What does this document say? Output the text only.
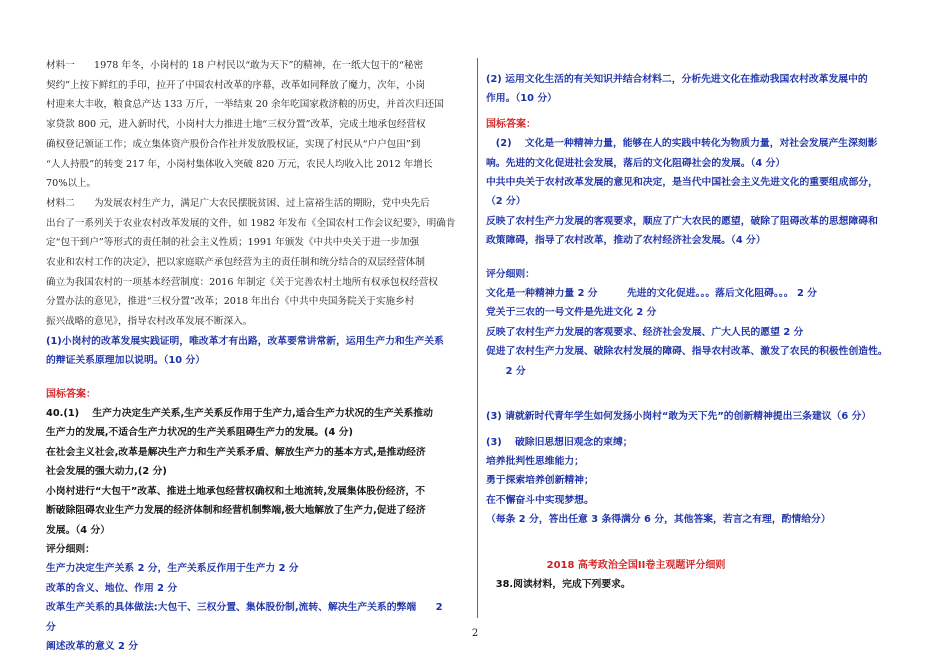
材料一　　1978 年冬，小岗村的 18 户村民以“敢为天下”的精神，在一纸大包干的“秘密

契约”上按下鲜红的手印，拉开了中国农村改革的序幕，改革如同释放了魔力，次年，小岗

村迎来大丰收，粮食总产达 133 万斤，一举结束 20 余年吃国家救济粮的历史，并首次归还国

家贷款 800 元，进入新时代，小岗村大力推进土地“三权分置”改革，完成土地承包经营权

确权登记颁证工作；成立集体资产股份合作社并发放股权证，实现了村民从“户户包田”到

“人人持股”的转变 217 年，小岗村集体收入突破 820 万元，农民人均收入比 2012 年增长

70%以上。

材料二　　为发展农村生产力，满足广大农民摆脱贫困、过上富裕生活的期盼，党中央先后

出台了一系列关于农业农村改革发展的文件，如 1982 年发布《全国农村工作会议纪要》，明确肯

定“包干到户”等形式的责任制的社会主义性质；1991 年颁发《中共中央关于进一步加强

农业和农村工作的决定》，把以家庭联产承包经营为主的责任制和统分结合的双层经营体制

确立为我国农村的一项基本经营制度：2016 年制定《关于完善农村土地所有权承包权经营权

分置办法的意见》，推进“三权分置”改革；2018 年出台《中共中央国务院关于实施乡村

振兴战略的意见》，指导农村改革发展不断深入。

(1)小岗村的改革发展实践证明，唯改革才有出路，改革要常讲常新，运用生产力和生产关系

的辩证关系原理加以说明。（10 分）

国标答案：

40.(1)　 生产力决定生产关系,生产关系反作用于生产力,适合生产力状况的生产关系推动

生产力的发展,不适合生产力状况的生产关系阻碍生产力的发展。(4 分)

在社会主义社会,改革是解决生产力和生产关系矛盾、解放生产力的基本方式,是推动经济

社会发展的强大动力,(2 分)

小岗村进行“大包干”改革、推进土地承包经营权确权和土地流转,发展集体股份经济，不

断破除阻碍农业生产力发展的经济体制和经营机制弊端,极大地解放了生产力,促进了经济

发展。（4 分）

评分细则：

生产力决定生产关系 2 分，生产关系反作用于生产力 2 分

改革的含义、地位、作用 2 分

改革生产关系的具体做法:大包干、三权分置、集体股份制,流转、解决生产关系的弊端　　2

分

阐述改革的意义 2 分

(2) 运用文化生活的有关知识并结合材料二，分析先进文化在推动我国农村改革发展中的

作用。（10 分）

国标答案：

　(2)　 文化是一种精神力量，能够在人的实践中转化为物质力量，对社会发展产生深刻影

响。先进的文化促进社会发展，落后的文化阻碍社会的发展。（4 分）

中共中央关于农村改革发展的意见和决定，是当代中国社会主义先进文化的重要组成部分，

（2 分）

反映了农村生产力发展的客观要求，顺应了广大农民的愿望，破除了阻碍改革的思想障碍和

政策障碍，指导了农村改革，推动了农村经济社会发展。（4 分）

评分细则：

文化是一种精神力量 2 分　　　先进的文化促进。。。落后文化阻碍。。。 2 分

党关于三农的一号文件是先进文化 2 分

反映了农村生产力发展的客观要求、经济社会发展、广大人民的愿望 2 分

促进了农村生产力发展、破除农村发展的障碍、指导农村改革、激发了农民的积极性创造性。

　　2 分

(3) 请就新时代青年学生如何发扬小岗村“敢为天下先”的创新精神提出三条建议（6 分）

(3)　 破除旧思想旧观念的束缚；

培养批判性思维能力；

勇于探索培养创新精神；

在不懈奋斗中实现梦想。

（每条 2 分，答出任意 3 条得满分 6 分，其他答案，若言之有理，酌情给分）

2018 高考政治全国II卷主观题评分细则

　38.阅读材料，完成下列要求。

2
